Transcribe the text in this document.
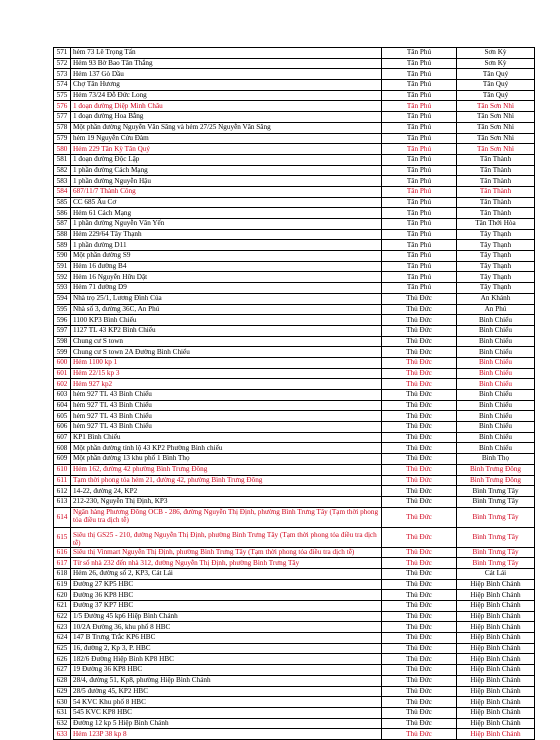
571	hẻm 73 Lê Trọng Tấn	Tân Phú	Sơn Kỳ
572	Hẻm 93 Bờ Bao Tân Thắng	Tân Phú	Sơn Kỳ
573	Hẻm 137 Gò Dầu	Tân Phú	Tân Quý
574	Chợ Tân Hương	Tân Phú	Tân Quý
575	Hẻm 73/24 Đỗ Đức Long	Tân Phú	Tân Quý
576	1 đoạn đường Diệp Minh Châu	Tân Phú	Tân Sơn Nhì
577	1 đoạn đường Hoa Bằng	Tân Phú	Tân Sơn Nhì
578	Một phần đường Nguyễn Văn Săng và hẻm 27/25 Nguyễn Văn Săng	Tân Phú	Tân Sơn Nhì
579	hẻm 19 Nguyễn Cửu Đàm	Tân Phú	Tân Sơn Nhì
580	Hẻm 229 Tân Kỳ Tân Quý	Tân Phú	Tân Sơn Nhì
581	1 đoạn đường Độc Lập	Tân Phú	Tân Thành
582	1 phần đường Cách Mạng	Tân Phú	Tân Thành
583	1 phần đường Nguyễn Hậu	Tân Phú	Tân Thành
584	687/11/7 Thành Công	Tân Phú	Tân Thành
585	CC 685 Âu Cơ	Tân Phú	Tân Thành
586	Hẻm 61 Cách Mạng	Tân Phú	Tân Thành
587	1 phần đường Nguyễn Văn Yến	Tân Phú	Tân Thới Hòa
588	Hẻm 229/64 Tây Thạnh	Tân Phú	Tây Thạnh
589	1 phần đường D11	Tân Phú	Tây Thạnh
590	Một phần đường S9	Tân Phú	Tây Thạnh
591	Hẻm 16 đường B4	Tân Phú	Tây Thạnh
592	Hẻm 16 Nguyễn Hữu Dật	Tân Phú	Tây Thạnh
593	Hẻm 71 đường D9	Tân Phú	Tây Thạnh
594	Nhà trọ 25/1, Lương Đình Của	Thủ Đức	An Khánh
595	Nhà số 3, đường 36C, An Phú	Thủ Đức	An Phú
596	1100 KP3 Bình Chiểu	Thủ Đức	Bình Chiểu
597	1127 TL 43 KP2 Bình Chiểu	Thủ Đức	Bình Chiểu
598	Chung cư S town	Thủ Đức	Bình Chiểu
599	Chung cư S town 2A Đường Bình Chiểu	Thủ Đức	Bình Chiểu
600	Hẻm 1100 kp 1	Thủ Đức	Bình Chiểu
601	Hẻm 22/15 kp 3	Thủ Đức	Bình Chiểu
602	Hẻm 927 kp2	Thủ Đức	Bình Chiểu
603	hẻm 927 TL 43 Bình Chiểu	Thủ Đức	Bình Chiểu
604	hẻm 927 TL 43 Bình Chiểu	Thủ Đức	Bình Chiểu
605	hẻm 927 TL 43 Bình Chiểu	Thủ Đức	Bình Chiểu
606	hẻm 927 TL 43 Bình Chiểu	Thủ Đức	Bình Chiểu
607	KP1 Bình Chiểu	Thủ Đức	Bình Chiểu
608	Một phần đường tỉnh lộ 43 KP2 Phường Bình chiểu	Thủ Đức	Bình Chiểu
609	Một phần đường 13 khu phố 1 Bình Thọ	Thủ Đức	Bình Thọ
610	Hẻm 162, đường 42 phường Bình Trưng Đông	Thủ Đức	Bình Trưng Đông
611	Tạm thời phong tỏa hẻm 21, đường 42, phường Bình Trưng Đông	Thủ Đức	Bình Trưng Đông
612	14-22, đường 24, KP2	Thủ Đức	Bình Trưng Tây
613	212-230, Nguyễn Thị Định, KP3	Thủ Đức	Bình Trưng Tây
614	Ngân hàng Phương Đông OCB - 286, đường Nguyễn Thị Định, phường Bình Trưng Tây (Tạm thời phong tỏa điều tra dịch tễ)	Thủ Đức	Bình Trưng Tây
615	Siêu thị GS25 - 210, đường Nguyễn Thị Định, phường Bình Trưng Tây (Tạm thời phong tỏa điều tra dịch tễ)	Thủ Đức	Bình Trưng Tây
616	Siêu thị Vinmart Nguyễn Thị Định, phường Bình Trưng Tây (Tạm thời phong tỏa điều tra dịch tễ)	Thủ Đức	Bình Trưng Tây
617	Từ số nhà 232 đến nhà 312, đường Nguyễn Thị Định, phường Bình Trưng Tây	Thủ Đức	Bình Trưng Tây
618	Hẻm 26, đường số 2, KP3, Cát Lái	Thủ Đức	Cát Lái
619	Đường 27 KP5 HBC	Thủ Đức	Hiệp Bình Chánh
620	Đường 36 KP8 HBC	Thủ Đức	Hiệp Bình Chánh
621	Đường 37 KP7 HBC	Thủ Đức	Hiệp Bình Chánh
622	1/5 Đường 45 kp6 Hiệp Bình Chánh	Thủ Đức	Hiệp Bình Chánh
623	10/2A Đường 36, khu phố 8 HBC	Thủ Đức	Hiệp Bình Chánh
624	147 B Trưng Trắc KP6 HBC	Thủ Đức	Hiệp Bình Chánh
625	16, đường 2, Kp 3, P. HBC	Thủ Đức	Hiệp Bình Chánh
626	182/6 Đường Hiệp Bình KP8 HBC	Thủ Đức	Hiệp Bình Chánh
627	19 Đường 36 KP8 HBC	Thủ Đức	Hiệp Bình Chánh
628	28/4, đường 51, Kp8, phường Hiệp Bình Chánh	Thủ Đức	Hiệp Bình Chánh
629	28/5 đường 45, KP2 HBC	Thủ Đức	Hiệp Bình Chánh
630	54 KVC Khu phố 8 HBC	Thủ Đức	Hiệp Bình Chánh
631	545 KVC KP8 HBC	Thủ Đức	Hiệp Bình Chánh
632	Đường 12 kp 5 Hiệp Bình Chánh	Thủ Đức	Hiệp Bình Chánh
633	Hẻm 123P 38 kp 8	Thủ Đức	Hiệp Bình Chánh
